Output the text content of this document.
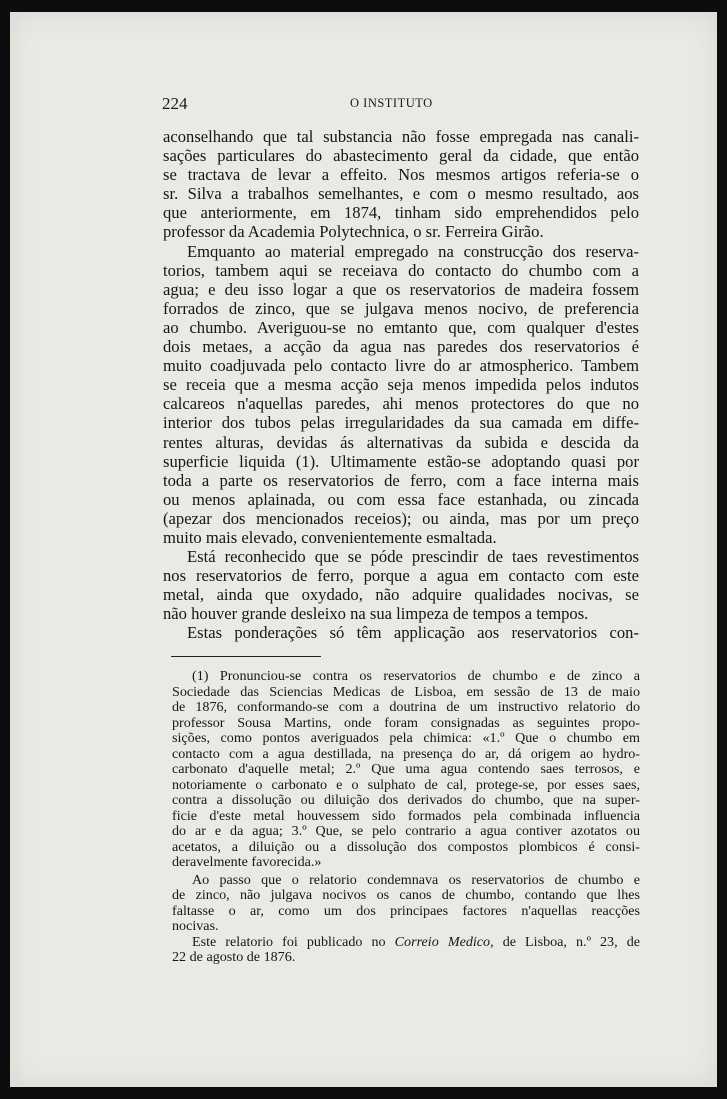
224	O INSTITUTO
aconselhando que tal substancia não fosse empregada nas canali-
sações particulares do abastecimento geral da cidade, que então
se tractava de levar a effeito. Nos mesmos artigos referia-se o
sr. Silva a trabalhos semelhantes, e com o mesmo resultado, aos
que anteriormente, em 1874, tinham sido emprehendidos pelo
professor da Academia Polytechnica, o sr. Ferreira Girão.
Emquanto ao material empregado na construcção dos reserva-
torios, tambem aqui se receiava do contacto do chumbo com a
agua; e deu isso logar a que os reservatorios de madeira fossem
forrados de zinco, que se julgava menos nocivo, de preferencia
ao chumbo. Averiguou-se no emtanto que, com qualquer d'estes
dois metaes, a acção da agua nas paredes dos reservatorios é
muito coadjuvada pelo contacto livre do ar atmospherico. Tambem
se receia que a mesma acção seja menos impedida pelos indutos
calcareos n'aquellas paredes, ahi menos protectores do que no
interior dos tubos pelas irregularidades da sua camada em diffe-
rentes alturas, devidas ás alternativas da subida e descida da
superficie liquida (1). Ultimamente estão-se adoptando quasi por
toda a parte os reservatorios de ferro, com a face interna mais
ou menos aplainada, ou com essa face estanhada, ou zincada
(apezar dos mencionados receios); ou ainda, mas por um preço
muito mais elevado, convenientemente esmaltada.
Está reconhecido que se póde prescindir de taes revestimentos
nos reservatorios de ferro, porque a agua em contacto com este
metal, ainda que oxydado, não adquire qualidades nocivas, se
não houver grande desleixo na sua limpeza de tempos a tempos.
Estas ponderações só têm applicação aos reservatorios con-
(1) Pronunciou-se contra os reservatorios de chumbo e de zinco a
Sociedade das Sciencias Medicas de Lisboa, em sessão de 13 de maio
de 1876, conformando-se com a doutrina de um instructivo relatorio do
professor Sousa Martins, onde foram consignadas as seguintes propo-
sições, como pontos averiguados pela chimica: «1.º Que o chumbo em
contacto com a agua destillada, na presença do ar, dá origem ao hydro-
carbonato d'aquelle metal; 2.º Que uma agua contendo saes terrosos, e
notoriamente o carbonato e o sulphato de cal, protege-se, por esses saes,
contra a dissolução ou diluição dos derivados do chumbo, que na super-
ficie d'este metal houvessem sido formados pela combinada influencia
do ar e da agua; 3.º Que, se pelo contrario a agua contiver azotatos ou
acetatos, a diluição ou a dissolução dos compostos plombicos é consi-
deravelmente favorecida.»
Ao passo que o relatorio condemnava os reservatorios de chumbo e
de zinco, não julgava nocivos os canos de chumbo, contando que lhes
faltasse o ar, como um dos principaes factores n'aquellas reacções
nocivas.
Este relatorio foi publicado no Correio Medico, de Lisboa, n.º 23, de
22 de agosto de 1876.
